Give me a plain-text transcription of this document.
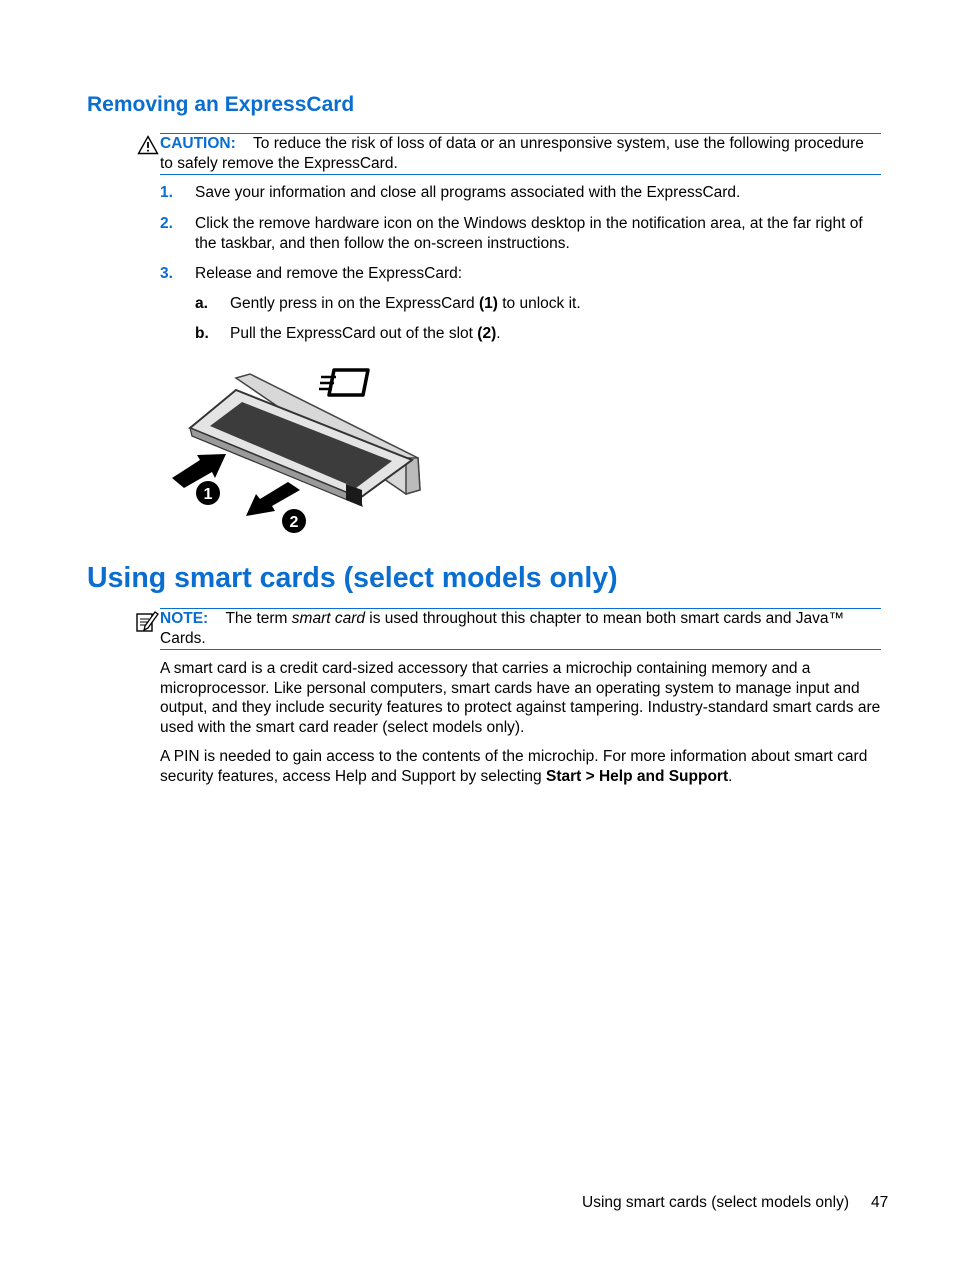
Removing an ExpressCard

CAUTION: To reduce the risk of loss of data or an unresponsive system, use the following procedure to safely remove the ExpressCard.

1. Save your information and close all programs associated with the ExpressCard.
2. Click the remove hardware icon on the Windows desktop in the notification area, at the far right of the taskbar, and then follow the on-screen instructions.
3. Release and remove the ExpressCard:
a. Gently press in on the ExpressCard (1) to unlock it.
b. Pull the ExpressCard out of the slot (2).
1
2
Using smart cards (select models only)

NOTE: The term smart card is used throughout this chapter to mean both smart cards and Java™ Cards.

A smart card is a credit card-sized accessory that carries a microchip containing memory and a microprocessor. Like personal computers, smart cards have an operating system to manage input and output, and they include security features to protect against tampering. Industry-standard smart cards are used with the smart card reader (select models only).

A PIN is needed to gain access to the contents of the microchip. For more information about smart card security features, access Help and Support by selecting Start > Help and Support.

Using smart cards (select models only) 47
